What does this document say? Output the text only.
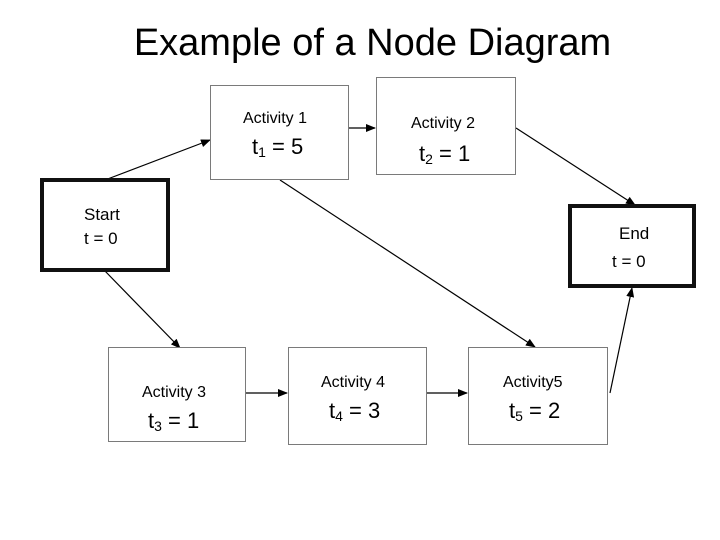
Example of a Node Diagram
Start
t = 0	End
t = 0
Activity 1
$t_1 = 5$
Activity 2
$t_2 = 1$
Activity 3
$t_3 = 1$
Activity 4
$t_4 = 3$
Activity5
$t_5 = 2$
